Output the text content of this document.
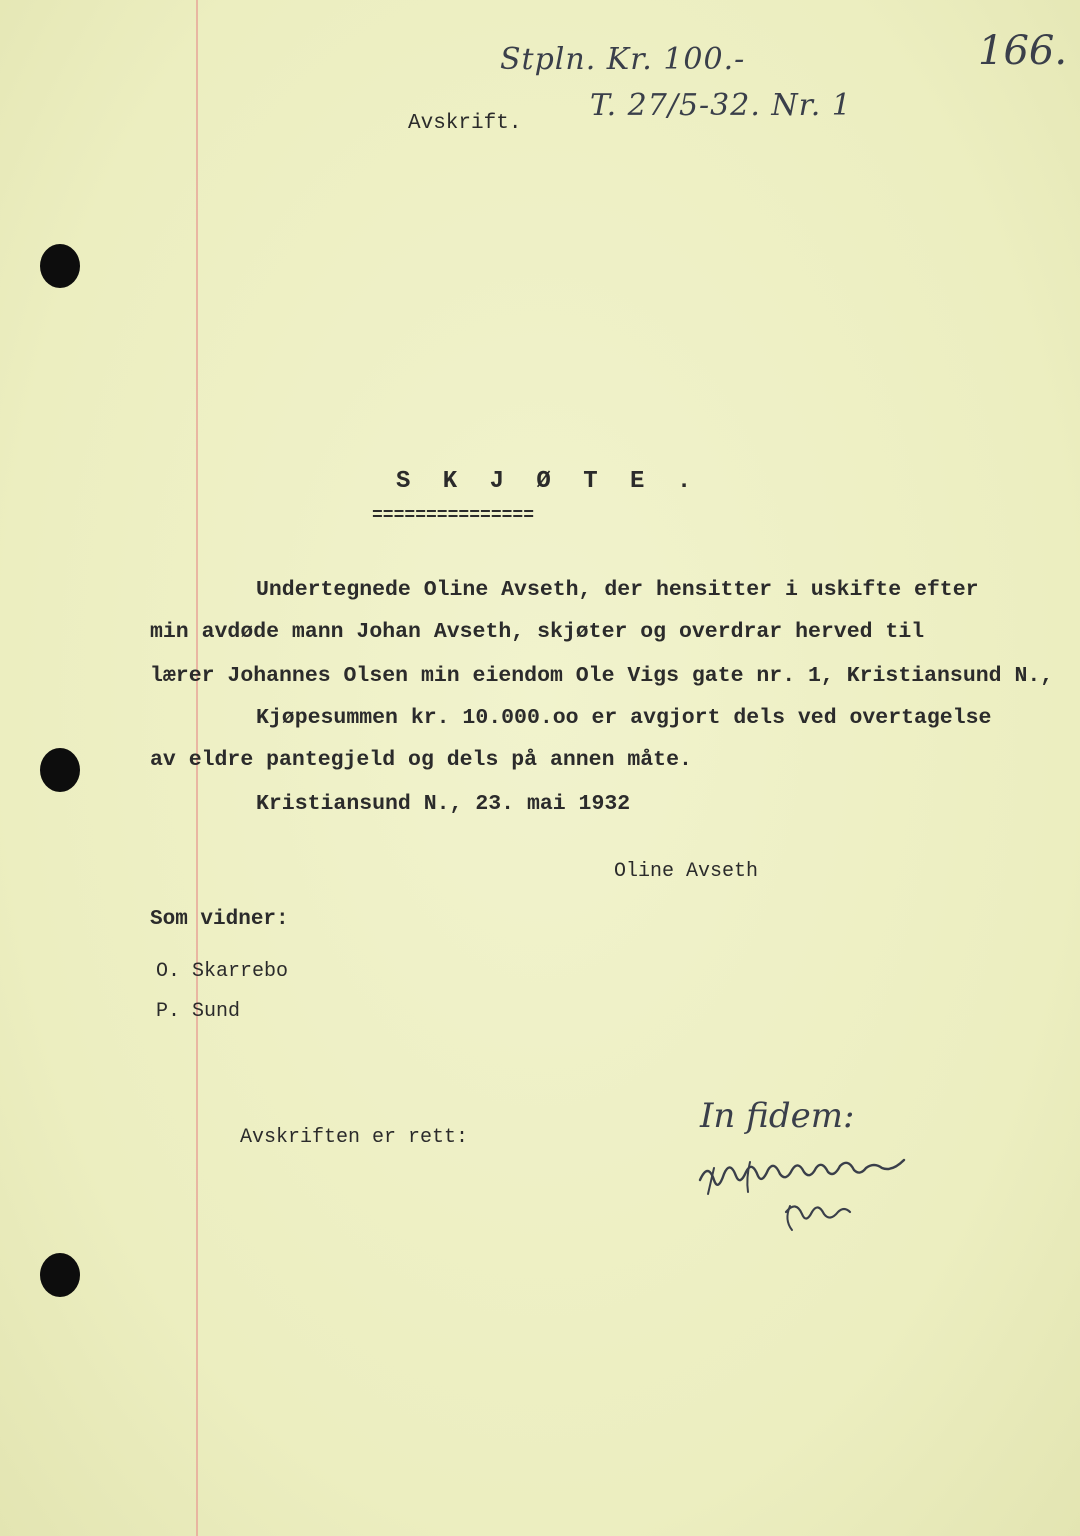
Stpln. Kr. 100.-
T. 27/5-32. Nr. 1
166.
Avskrift.
S K J Ø T E .
===============
Undertegnede Oline Avseth, der hensitter i uskifte efter
min avdøde mann Johan Avseth, skjøter og overdrar herved til
lærer Johannes Olsen min eiendom Ole Vigs gate nr. 1, Kristiansund N.,
Kjøpesummen kr. 10.000.oo er avgjort dels ved overtagelse
av eldre pantegjeld og dels på annen måte.
Kristiansund N., 23. mai 1932
Oline Avseth
Som vidner:
O. Skarrebo
P. Sund
Avskriften er rett:
In fidem:
